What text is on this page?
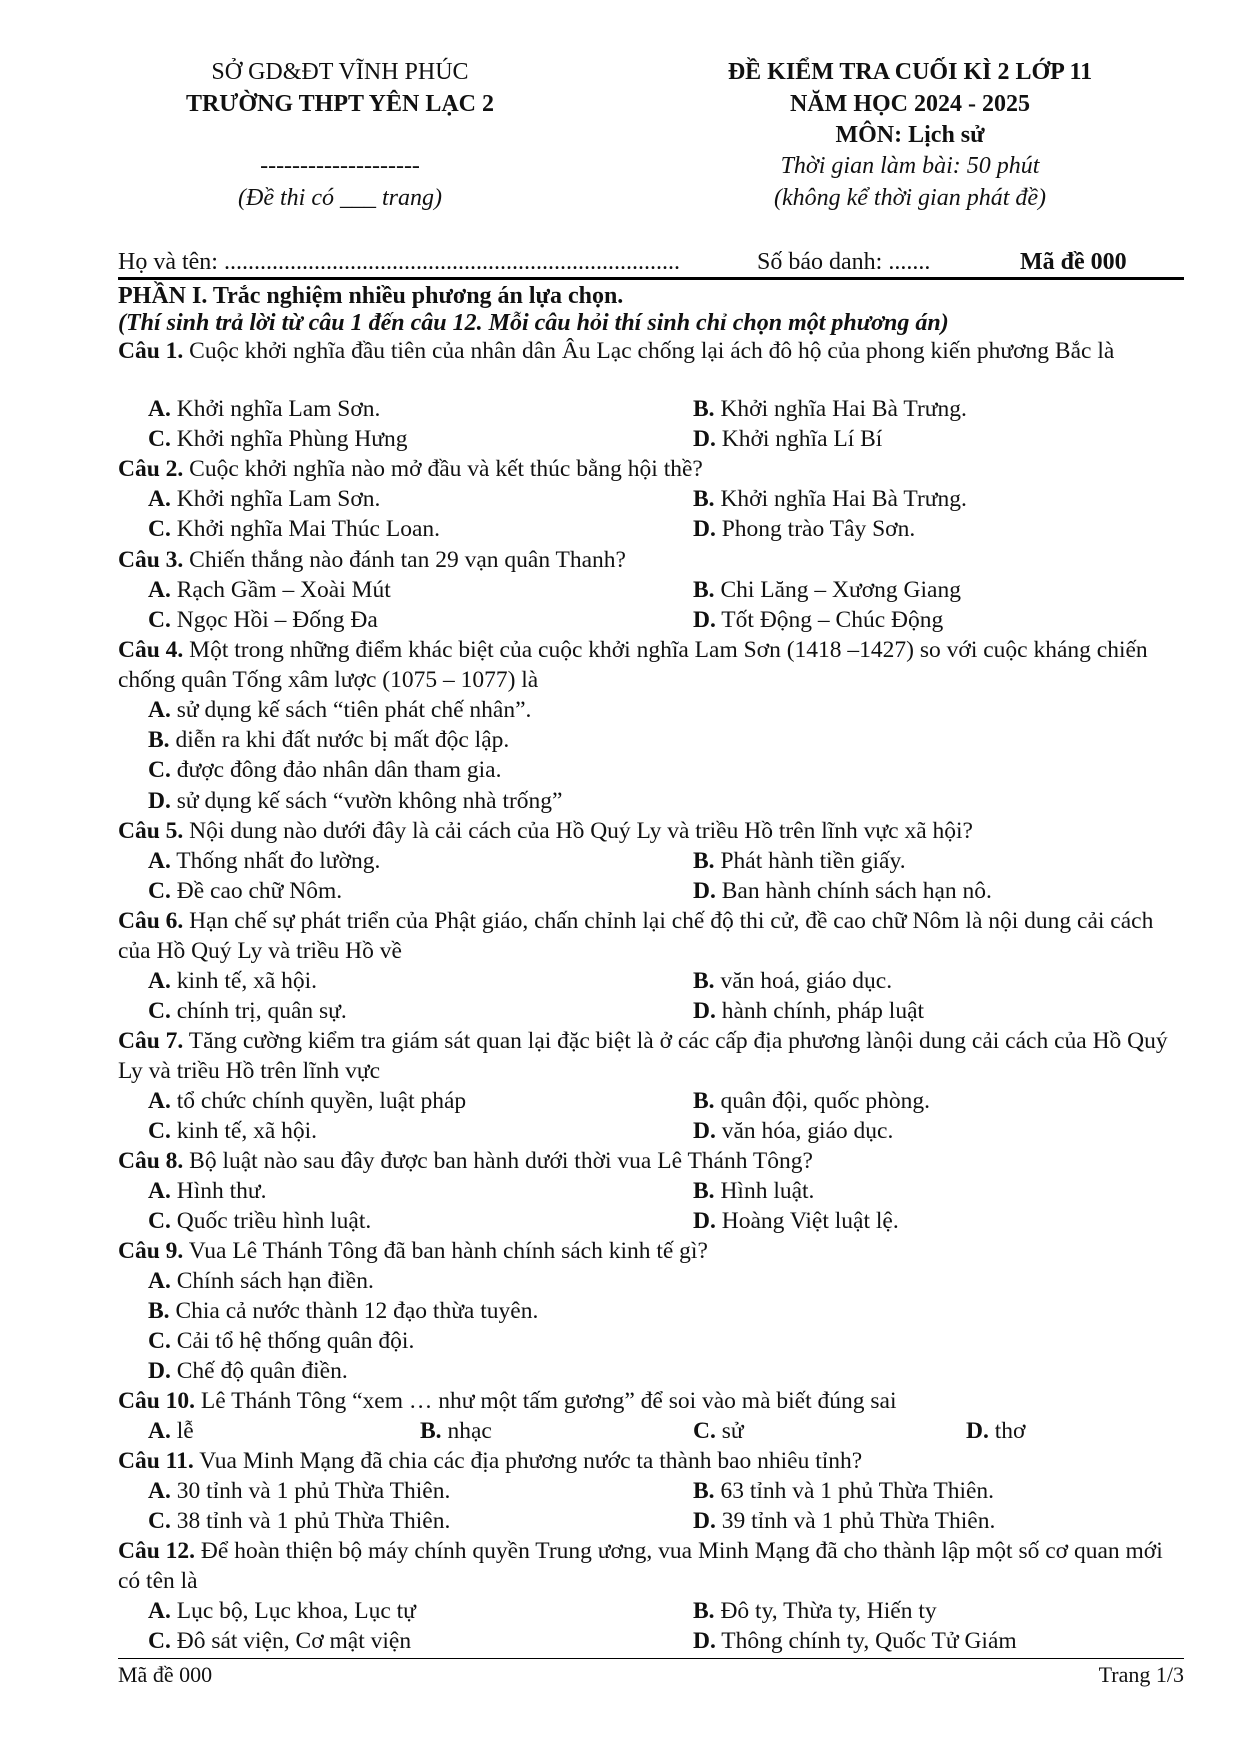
SỞ GD&ĐT VĨNH PHÚC
TRƯỜNG THPT YÊN LẠC 2
--------------------
(Đề thi có ___ trang)
ĐỀ KIỂM TRA CUỐI KÌ 2 LỚP 11
NĂM HỌC 2024 - 2025
MÔN: Lịch sử
Thời gian làm bài: 50 phút
(không kể thời gian phát đề)
Họ và tên: ............................................................................	Số báo danh: .......	Mã đề 000
PHẦN I. Trắc nghiệm nhiều phương án lựa chọn.
(Thí sinh trả lời từ câu 1 đến câu 12. Mỗi câu hỏi thí sinh chỉ chọn một phương án)
Câu 1. Cuộc khởi nghĩa đầu tiên của nhân dân Âu Lạc chống lại ách đô hộ của phong kiến phương Bắc là
A. Khởi nghĩa Lam Sơn.	B. Khởi nghĩa Hai Bà Trưng.
C. Khởi nghĩa Phùng Hưng	D. Khởi nghĩa Lí Bí
Câu 2. Cuộc khởi nghĩa nào mở đầu và kết thúc bằng hội thề?
A. Khởi nghĩa Lam Sơn.	B. Khởi nghĩa Hai Bà Trưng.
C. Khởi nghĩa Mai Thúc Loan.	D. Phong trào Tây Sơn.
Câu 3. Chiến thắng nào đánh tan 29 vạn quân Thanh?
A. Rạch Gầm – Xoài Mút	B. Chi Lăng – Xương Giang
C. Ngọc Hồi – Đống Đa	D. Tốt Động – Chúc Động
Câu 4. Một trong những điểm khác biệt của cuộc khởi nghĩa Lam Sơn (1418 –1427) so với cuộc kháng chiến chống quân Tống xâm lược (1075 – 1077) là
A. sử dụng kế sách “tiên phát chế nhân”.
B. diễn ra khi đất nước bị mất độc lập.
C. được đông đảo nhân dân tham gia.
D. sử dụng kế sách “vườn không nhà trống”
Câu 5. Nội dung nào dưới đây là cải cách của Hồ Quý Ly và triều Hồ trên lĩnh vực xã hội?
A. Thống nhất đo lường.	B. Phát hành tiền giấy.
C. Đề cao chữ Nôm.	D. Ban hành chính sách hạn nô.
Câu 6. Hạn chế sự phát triển của Phật giáo, chấn chỉnh lại chế độ thi cử, đề cao chữ Nôm là nội dung cải cách của Hồ Quý Ly và triều Hồ về
A. kinh tế, xã hội.	B. văn hoá, giáo dục.
C. chính trị, quân sự.	D. hành chính, pháp luật
Câu 7. Tăng cường kiểm tra giám sát quan lại đặc biệt là ở các cấp địa phương lànội dung cải cách của Hồ Quý Ly và triều Hồ trên lĩnh vực
A. tổ chức chính quyền, luật pháp	B. quân đội, quốc phòng.
C. kinh tế, xã hội.	D. văn hóa, giáo dục.
Câu 8. Bộ luật nào sau đây được ban hành dưới thời vua Lê Thánh Tông?
A. Hình thư.	B. Hình luật.
C. Quốc triều hình luật.	D. Hoàng Việt luật lệ.
Câu 9. Vua Lê Thánh Tông đã ban hành chính sách kinh tế gì?
A. Chính sách hạn điền.
B. Chia cả nước thành 12 đạo thừa tuyên.
C. Cải tổ hệ thống quân đội.
D. Chế độ quân điền.
Câu 10. Lê Thánh Tông “xem … như một tấm gương” để soi vào mà biết đúng sai
A. lễ	B. nhạc	C. sử	D. thơ
Câu 11. Vua Minh Mạng đã chia các địa phương nước ta thành bao nhiêu tỉnh?
A. 30 tỉnh và 1 phủ Thừa Thiên.	B. 63 tỉnh và 1 phủ Thừa Thiên.
C. 38 tỉnh và 1 phủ Thừa Thiên.	D. 39 tỉnh và 1 phủ Thừa Thiên.
Câu 12. Để hoàn thiện bộ máy chính quyền Trung ương, vua Minh Mạng đã cho thành lập một số cơ quan mới có tên là
A. Lục bộ, Lục khoa, Lục tự	B. Đô ty, Thừa ty, Hiến ty
C. Đô sát viện, Cơ mật viện	D. Thông chính ty, Quốc Tử Giám
Mã đề 000	Trang 1/3
